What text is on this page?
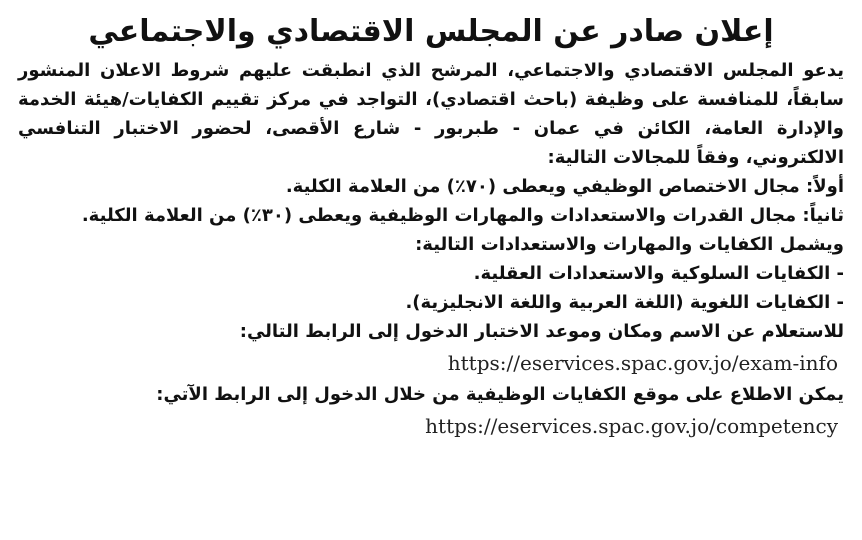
إعلان صادر عن المجلس الاقتصادي والاجتماعي

يدعو المجلس الاقتصادي والاجتماعي، المرشح الذي انطبقت عليهم شروط الاعلان المنشور سابقاً، للمنافسة على وظيفة (باحث اقتصادي)، التواجد في مركز تقييم الكفايات/هيئة الخدمة والإدارة العامة، الكائن في عمان - طبربور - شارع الأقصى، لحضور الاختبار التنافسي الالكتروني، وفقاً للمجالات التالية:

أولاً: مجال الاختصاص الوظيفي ويعطى (٧٠٪) من العلامة الكلية.

ثانياً: مجال القدرات والاستعدادات والمهارات الوظيفية ويعطى (٣٠٪) من العلامة الكلية.

ويشمل الكفايات والمهارات والاستعدادات التالية:

- الكفايات السلوكية والاستعدادات العقلية.

- الكفايات اللغوية (اللغة العربية واللغة الانجليزية).

للاستعلام عن الاسم ومكان وموعد الاختبار الدخول إلى الرابط التالي:

https://eservices.spac.gov.jo/exam-info

يمكن الاطلاع على موقع الكفايات الوظيفية من خلال الدخول إلى الرابط الآتي:

https://eservices.spac.gov.jo/competency
